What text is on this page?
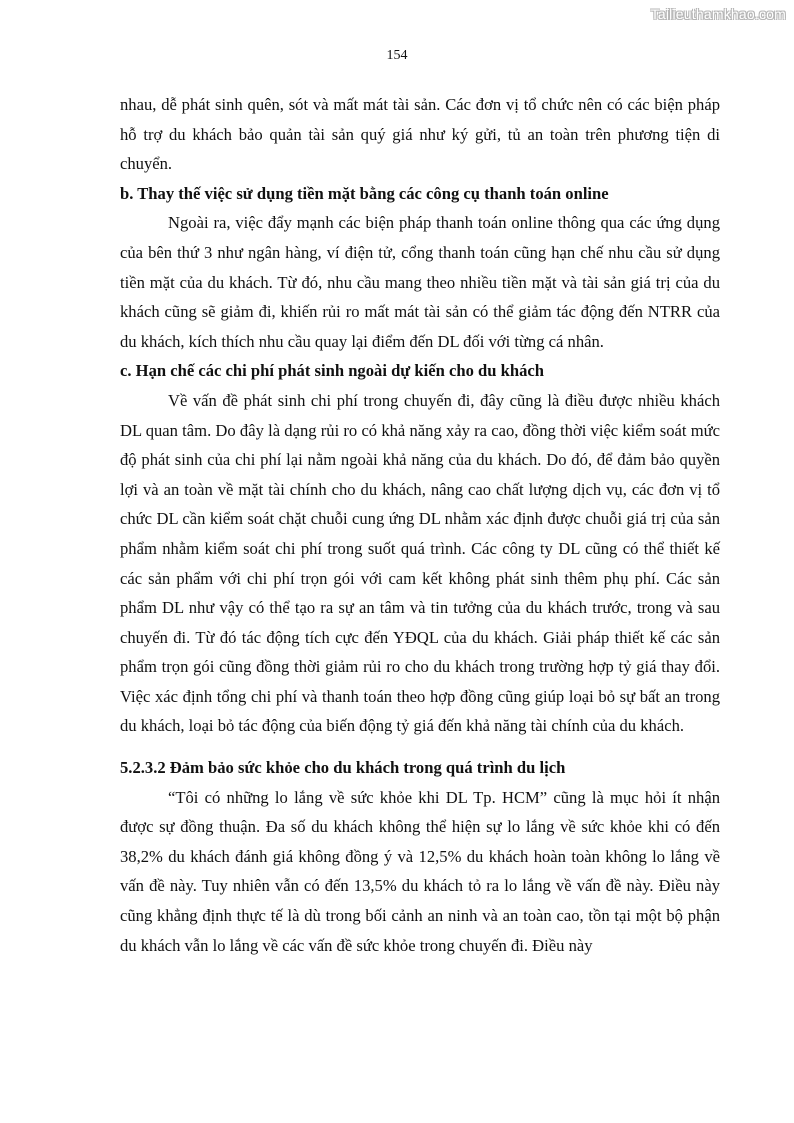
Tailieuthamkhao.com
154

nhau, dễ phát sinh quên, sót và mất mát tài sản. Các đơn vị tổ chức nên có các biện pháp hỗ trợ du khách bảo quản tài sản quý giá như ký gửi, tủ an toàn trên phương tiện di chuyển.

b. Thay thế việc sử dụng tiền mặt bằng các công cụ thanh toán online

Ngoài ra, việc đẩy mạnh các biện pháp thanh toán online thông qua các ứng dụng của bên thứ 3 như ngân hàng, ví điện tử, cổng thanh toán cũng hạn chế nhu cầu sử dụng tiền mặt của du khách. Từ đó, nhu cầu mang theo nhiều tiền mặt và tài sản giá trị của du khách cũng sẽ giảm đi, khiến rủi ro mất mát tài sản có thể giảm tác động đến NTRR của du khách, kích thích nhu cầu quay lại điểm đến DL đối với từng cá nhân.

c. Hạn chế các chi phí phát sinh ngoài dự kiến cho du khách

Về vấn đề phát sinh chi phí trong chuyến đi, đây cũng là điều được nhiều khách DL quan tâm. Do đây là dạng rủi ro có khả năng xảy ra cao, đồng thời việc kiểm soát mức độ phát sinh của chi phí lại nằm ngoài khả năng của du khách. Do đó, để đảm bảo quyền lợi và an toàn về mặt tài chính cho du khách, nâng cao chất lượng dịch vụ, các đơn vị tổ chức DL cần kiểm soát chặt chuỗi cung ứng DL nhằm xác định được chuỗi giá trị của sản phẩm nhằm kiểm soát chi phí trong suốt quá trình. Các công ty DL cũng có thể thiết kế các sản phẩm với chi phí trọn gói với cam kết không phát sinh thêm phụ phí. Các sản phẩm DL như vậy có thể tạo ra sự an tâm và tin tưởng của du khách trước, trong và sau chuyến đi. Từ đó tác động tích cực đến YĐQL của du khách. Giải pháp thiết kế các sản phẩm trọn gói cũng đồng thời giảm rủi ro cho du khách trong trường hợp tỷ giá thay đổi. Việc xác định tổng chi phí và thanh toán theo hợp đồng cũng giúp loại bỏ sự bất an trong du khách, loại bỏ tác động của biến động tỷ giá đến khả năng tài chính của du khách.

5.2.3.2 Đảm bảo sức khỏe cho du khách trong quá trình du lịch

“Tôi có những lo lắng về sức khỏe khi DL Tp. HCM” cũng là mục hỏi ít nhận được sự đồng thuận. Đa số du khách không thể hiện sự lo lắng về sức khỏe khi có đến 38,2% du khách đánh giá không đồng ý và 12,5% du khách hoàn toàn không lo lắng về vấn đề này. Tuy nhiên vẫn có đến 13,5% du khách tỏ ra lo lắng về vấn đề này. Điều này cũng khẳng định thực tế là dù trong bối cảnh an ninh và an toàn cao, tồn tại một bộ phận du khách vẫn lo lắng về các vấn đề sức khỏe trong chuyến đi. Điều này
